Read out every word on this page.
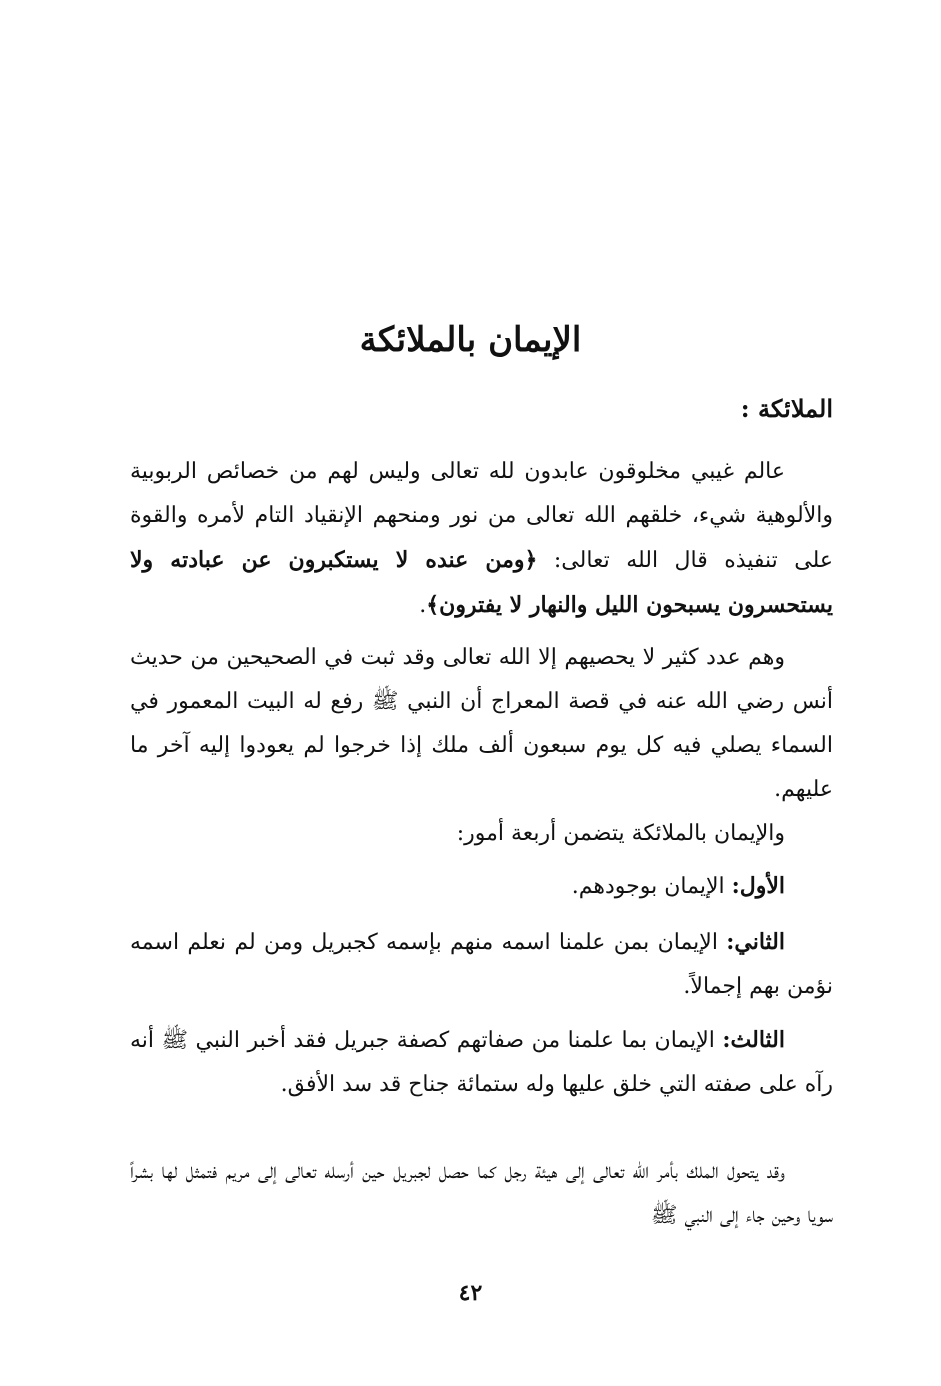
الإيمان بالملائكة
الملائكة :

عالم غيبي مخلوقون عابدون لله تعالى وليس لهم من خصائص الربوبية والألوهية شيء، خلقهم الله تعالى من نور ومنحهم الإنقياد التام لأمره والقوة على تنفيذه قال الله تعالى: ﴿ومن عنده لا يستكبرون عن عبادته ولا يستحسرون يسبحون الليل والنهار لا يفترون﴾.

وهم عدد كثير لا يحصيهم إلا الله تعالى وقد ثبت في الصحيحين من حديث أنس رضي الله عنه في قصة المعراج أن النبي ﷺ رفع له البيت المعمور في السماء يصلي فيه كل يوم سبعون ألف ملك إذا خرجوا لم يعودوا إليه آخر ما عليهم.

والإيمان بالملائكة يتضمن أربعة أمور:

الأول: الإيمان بوجودهم.

الثاني: الإيمان بمن علمنا اسمه منهم بإسمه كجبريل ومن لم نعلم اسمه نؤمن بهم إجمالاً.

الثالث: الإيمان بما علمنا من صفاتهم كصفة جبريل فقد أخبر النبي ﷺ أنه رآه على صفته التي خلق عليها وله ستمائة جناح قد سد الأفق.

وقد يتحول الملك بأمر الله تعالى إلى هيئة رجل كما حصل لجبريل حين أرسله تعالى إلى مريم فتمثل لها بشراً سويا وحين جاء إلى النبي ﷺ

٤٢
